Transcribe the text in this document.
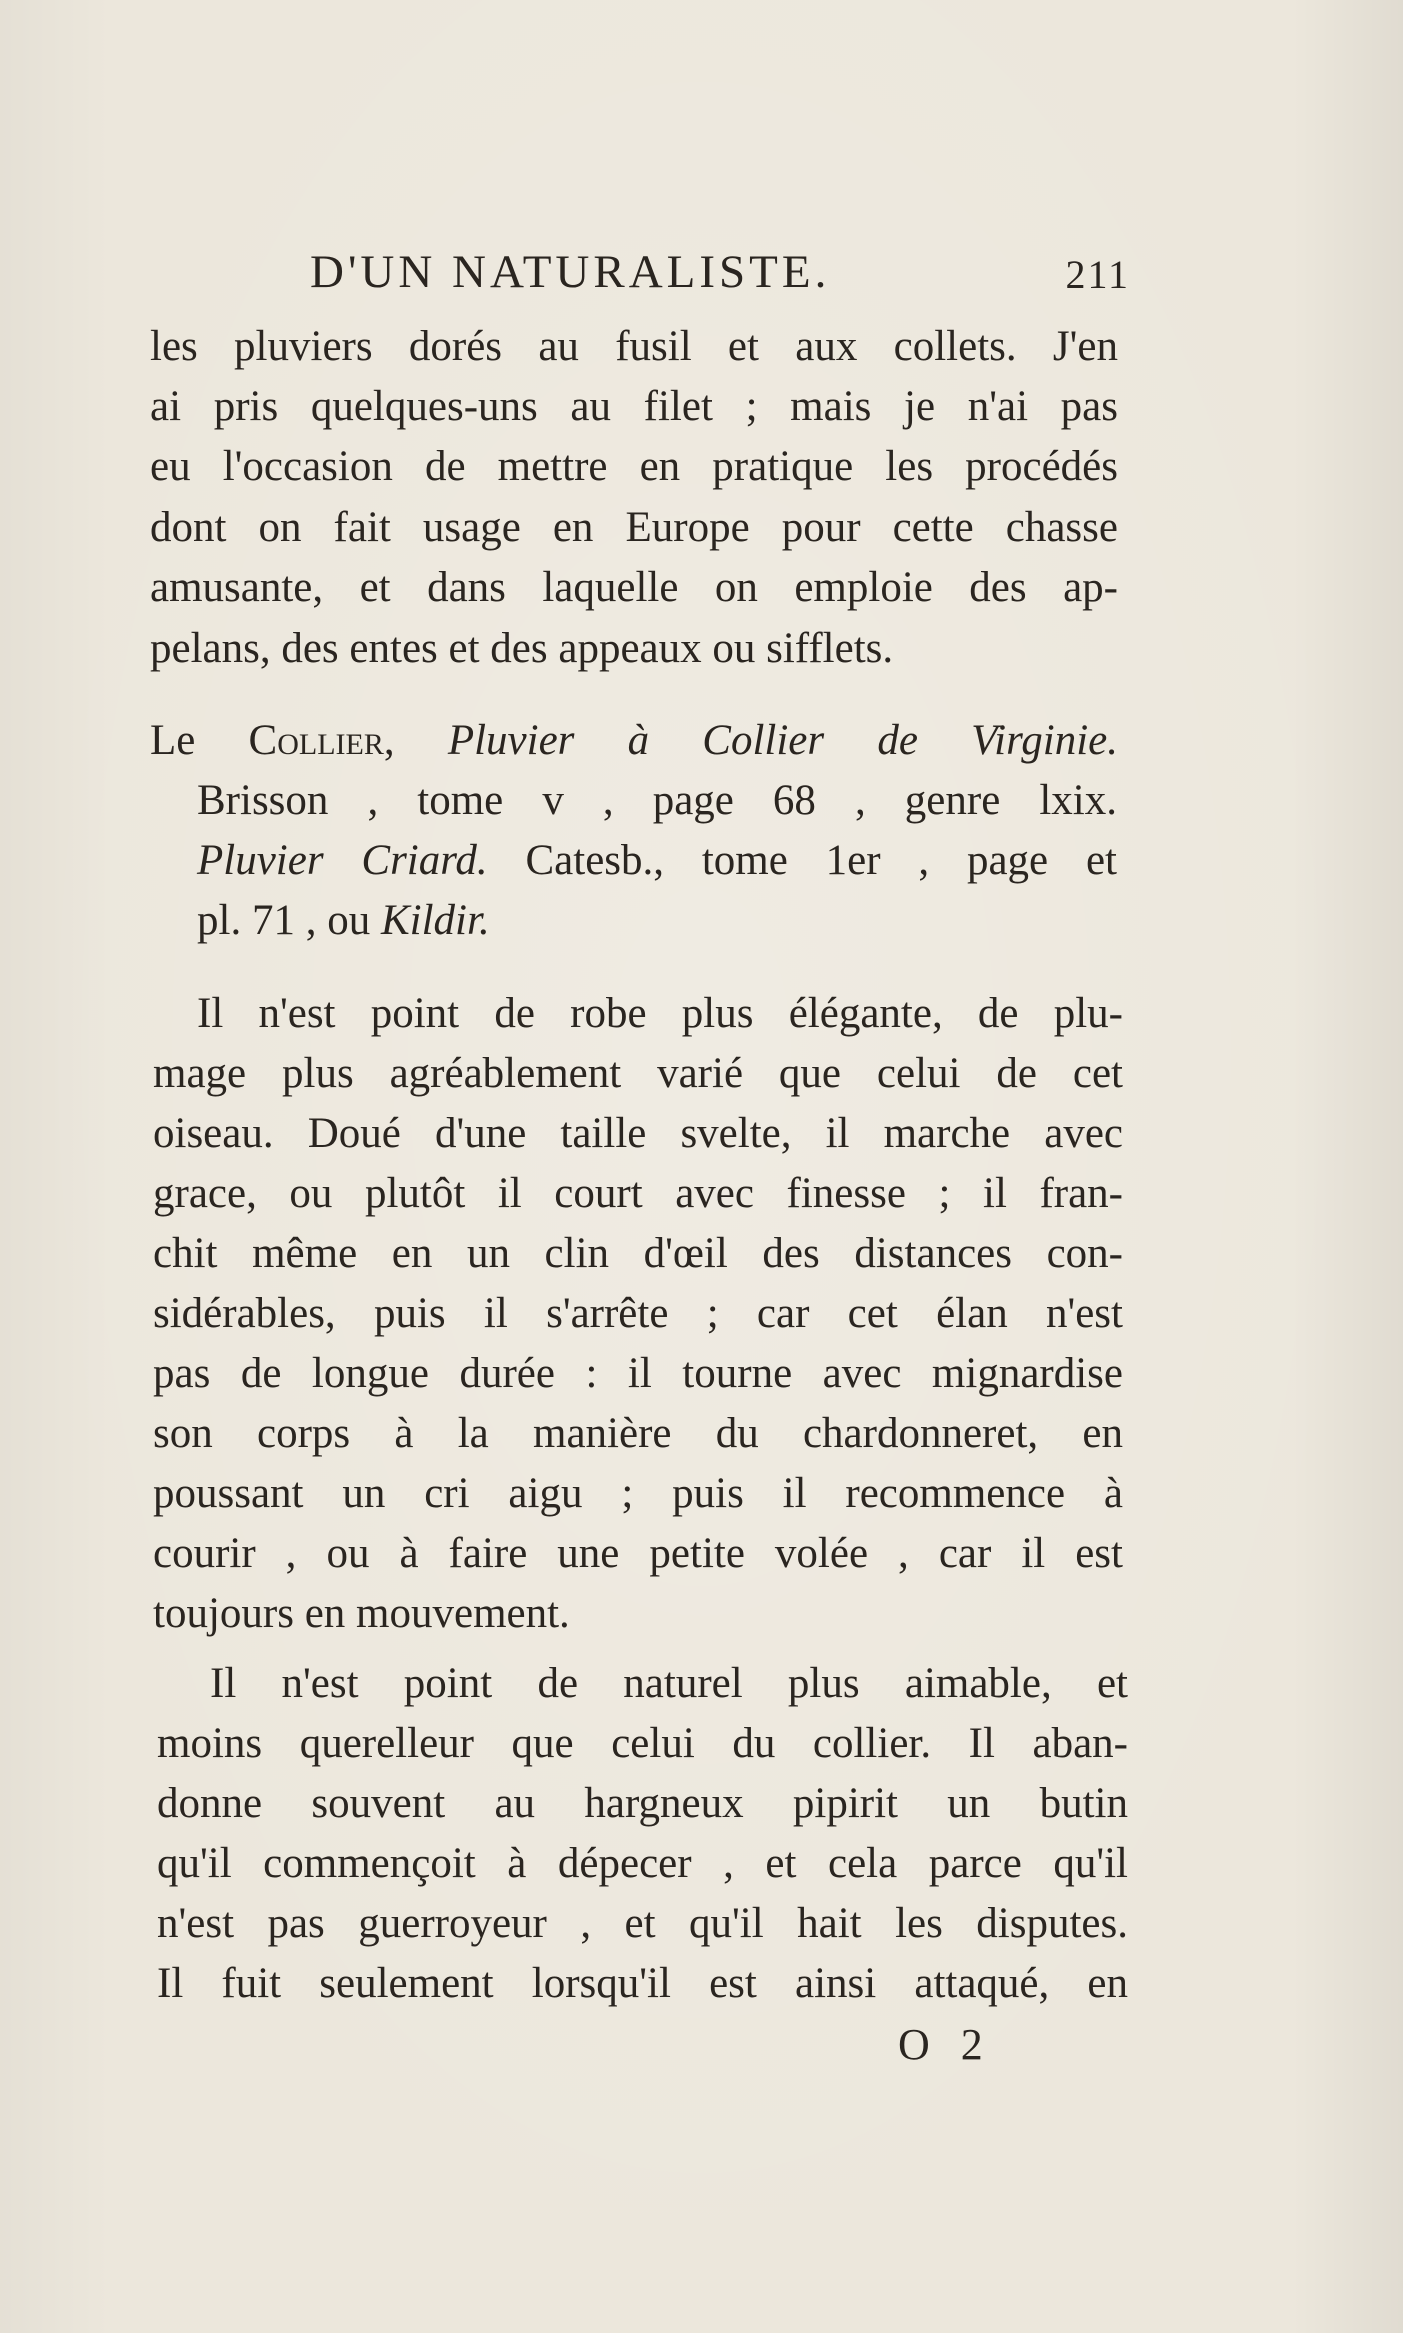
D'UN NATURALISTE.	211
les pluviers dorés au fusil et aux collets. J'en
ai pris quelques-uns au filet ; mais je n'ai pas
eu l'occasion de mettre en pratique les procédés
dont on fait usage en Europe pour cette chasse
amusante, et dans laquelle on emploie des ap-
pelans, des entes et des appeaux ou sifflets.
Le Collier, Pluvier à Collier de Virginie.
Brisson , tome v , page 68 , genre lxix.
Pluvier Criard. Catesb., tome 1er , page et
pl. 71 , ou Kildir.
Il n'est point de robe plus élégante, de plu-
mage plus agréablement varié que celui de cet
oiseau. Doué d'une taille svelte, il marche avec
grace, ou plutôt il court avec finesse ; il fran-
chit même en un clin d'œil des distances con-
sidérables, puis il s'arrête ; car cet élan n'est
pas de longue durée : il tourne avec mignardise
son corps à la manière du chardonneret, en
poussant un cri aigu ; puis il recommence à
courir , ou à faire une petite volée , car il est
toujours en mouvement.
Il n'est point de naturel plus aimable, et
moins querelleur que celui du collier. Il aban-
donne souvent au hargneux pipirit un butin
qu'il commençoit à dépecer , et cela parce qu'il
n'est pas guerroyeur , et qu'il hait les disputes.
Il fuit seulement lorsqu'il est ainsi attaqué, en
O 2
